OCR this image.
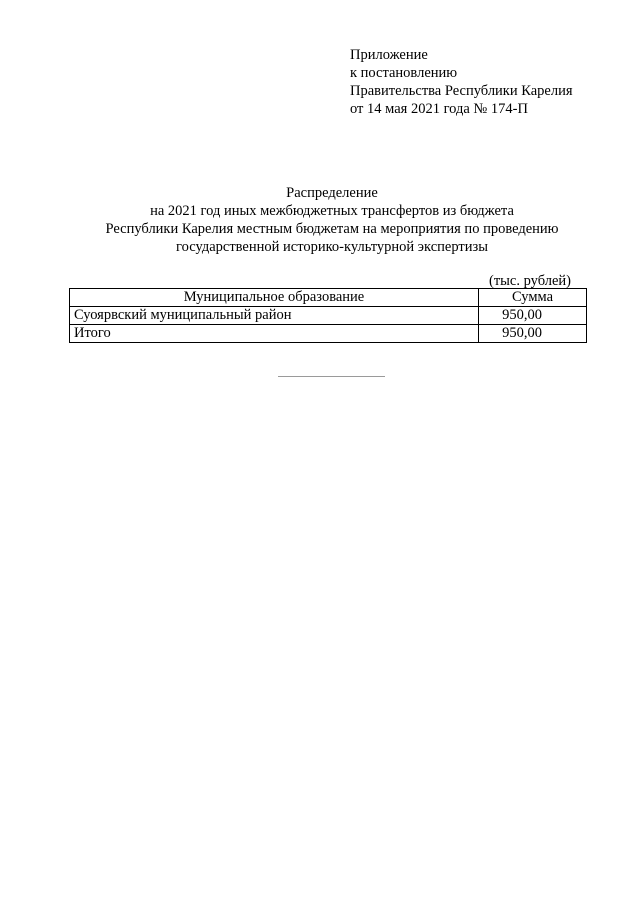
Приложение
к постановлению
Правительства Республики Карелия
от 14 мая 2021 года № 174-П
Распределение
на 2021 год иных межбюджетных трансфертов из бюджета
Республики Карелия местным бюджетам на мероприятия по проведению
государственной историко-культурной экспертизы
(тыс. рублей)
Муниципальное образование	Сумма
Суоярвский муниципальный район	950,00
Итого	950,00
